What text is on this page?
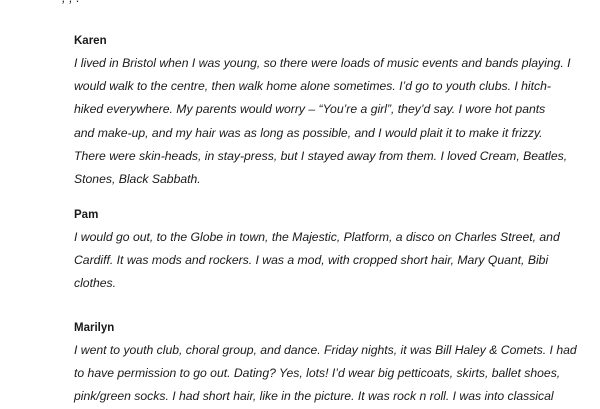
Karen
I lived in Bristol when I was young, so there were loads of music events and bands playing. I
would walk to the centre, then walk home alone sometimes. I’d go to youth clubs. I hitch-
hiked everywhere. My parents would worry – “You’re a girl”, they’d say. I wore hot pants
and make-up, and my hair was as long as possible, and I would plait it to make it frizzy.
There were skin-heads, in stay-press, but I stayed away from them. I loved Cream, Beatles,
Stones, Black Sabbath.
Pam
I would go out, to the Globe in town, the Majestic, Platform, a disco on Charles Street, and
Cardiff. It was mods and rockers. I was a mod, with cropped short hair, Mary Quant, Bibi
clothes.
Marilyn
I went to youth club, choral group, and dance. Friday nights, it was Bill Haley & Comets. I had
to have permission to go out. Dating? Yes, lots! I’d wear big petticoats, skirts, ballet shoes,
pink/green socks. I had short hair, like in the picture. It was rock n roll. I was into classical
